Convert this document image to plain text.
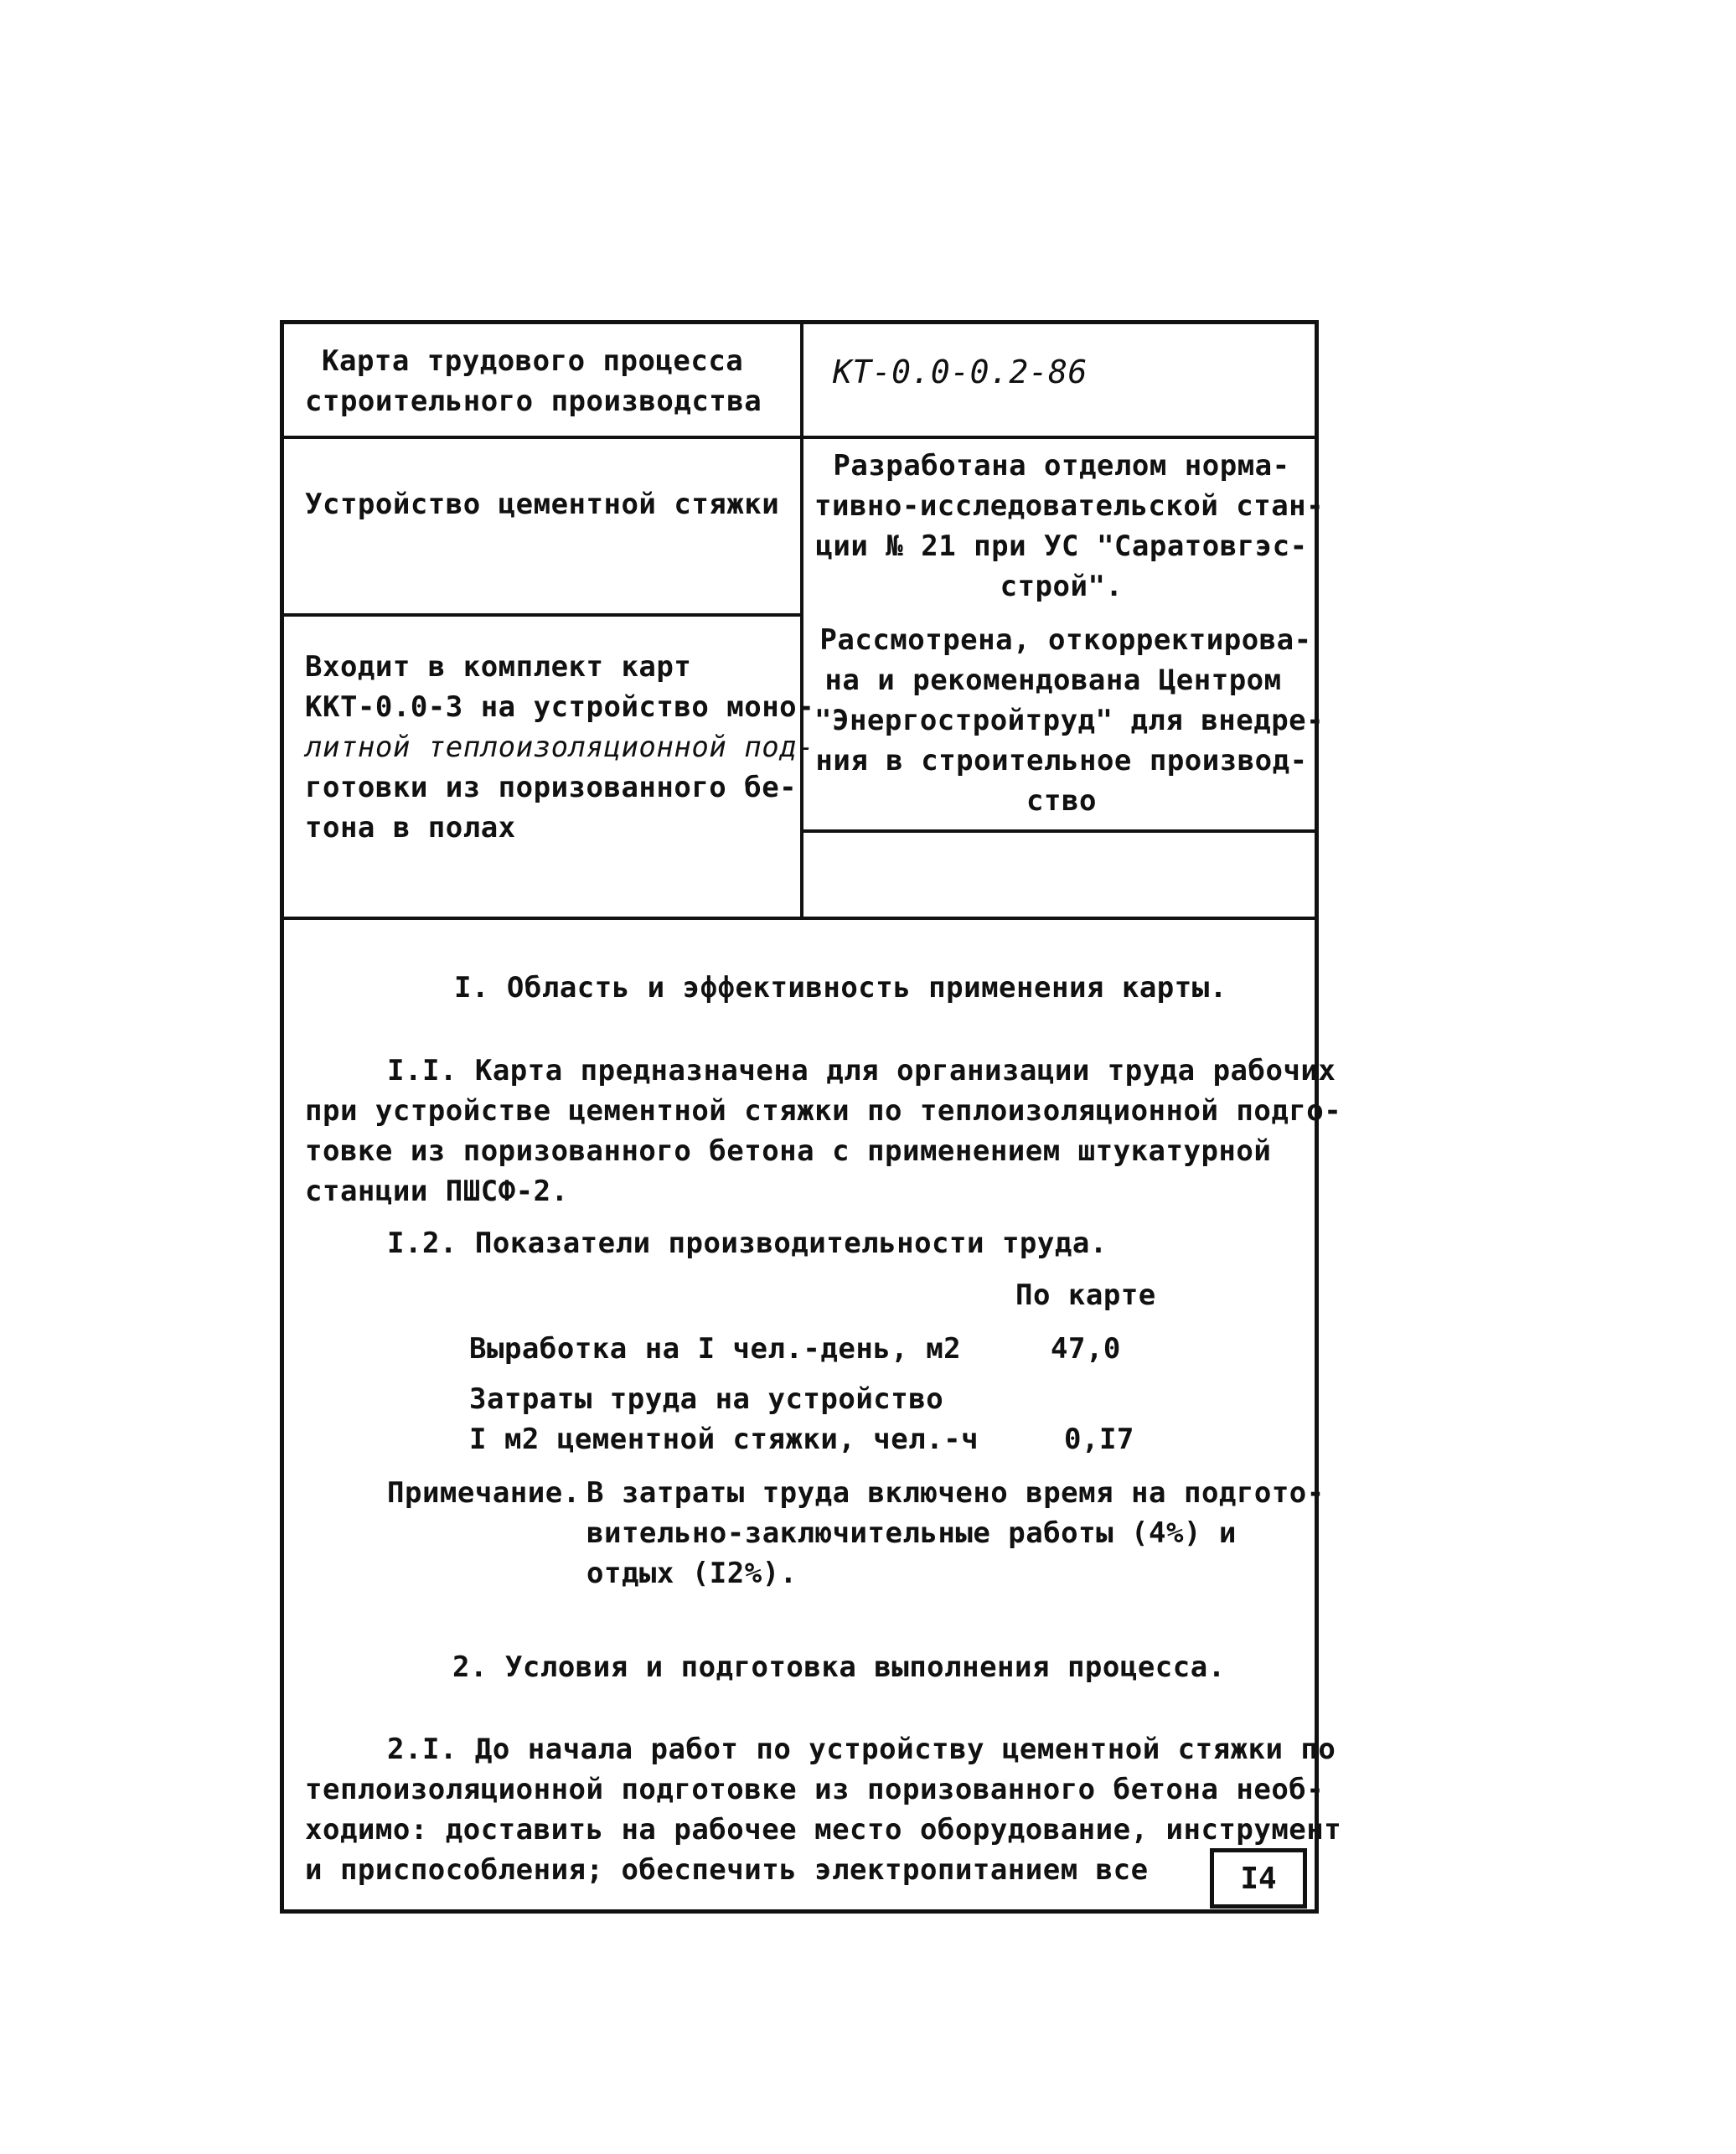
Карта трудового процесса
строительного производства
КТ-0.0-0.2-86
Устройство цементной стяжки
Разработана отделом норма-
тивно-исследовательской стан-
ции № 21 при УС "Саратовгэс-
строй".
Рассмотрена, откорректирова-
на и рекомендована Центром
"Энергостройтруд" для внедре-
ния в строительное производ-
ство
Входит в комплект карт
ККТ-0.0-3 на устройство моно-
литной теплоизоляционной под-
готовки из поризованного бе-
тона в полах
I. Область и эффективность применения карты.
I.I. Карта предназначена для организации труда рабочих
при устройстве цементной стяжки по теплоизоляционной подго-
товке из поризованного бетона с применением штукатурной
станции ПШСФ-2.
I.2. Показатели производительности труда.
По карте
Выработка на I чел.-день, м2	47,0
Затраты труда на устройство
I м2 цементной стяжки, чел.-ч	0,I7
Примечание. В затраты труда включено время на подгото-
вительно-заключительные работы (4%) и
отдых (I2%).
2. Условия и подготовка выполнения процесса.
2.I. До начала работ по устройству цементной стяжки по
теплоизоляционной подготовке из поризованного бетона необ-
ходимо: доставить на рабочее место оборудование, инструмент
и приспособления; обеспечить электропитанием все	I4
